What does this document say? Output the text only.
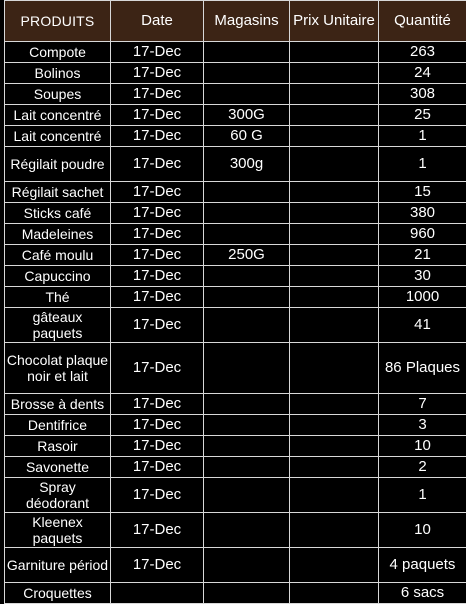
PRODUITS	Date	Magasins	Prix Unitaire	Quantité
Compote	17-Dec			263
Bolinos	17-Dec			24
Soupes	17-Dec			308
Lait concentré	17-Dec	300G		25
Lait concentré	17-Dec	60 G		1
Régilait poudre	17-Dec	300g		1
Régilait sachet	17-Dec			15
Sticks café	17-Dec			380
Madeleines	17-Dec			960
Café moulu	17-Dec	250G		21
Capuccino	17-Dec			30
Thé	17-Dec			1000
gâteaux paquets	17-Dec			41
Chocolat plaque noir et lait	17-Dec			86 Plaques
Brosse à dents	17-Dec			7
Dentifrice	17-Dec			3
Rasoir	17-Dec			10
Savonette	17-Dec			2
Spray déodorant	17-Dec			1
Kleenex paquets	17-Dec			10
Garniture périod	17-Dec			4 paquets
Croquettes				6 sacs
